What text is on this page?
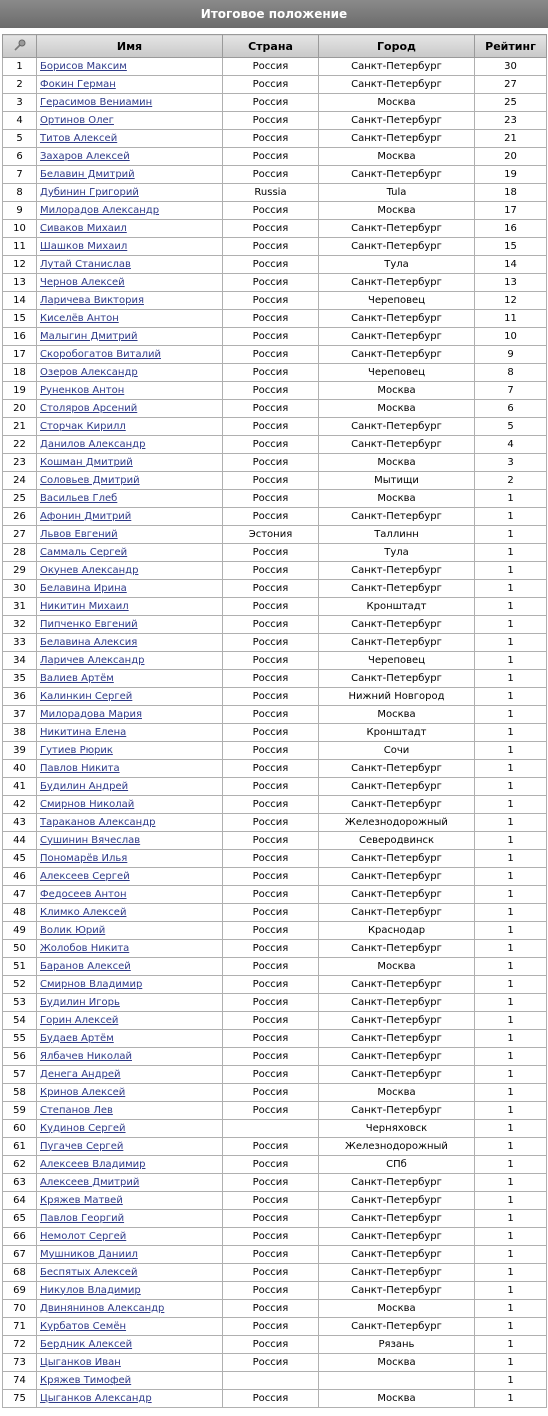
Итоговое положение
	Имя	Страна	Город	Рейтинг
1	Борисов Максим	Россия	Санкт-Петербург	30
2	Фокин Герман	Россия	Санкт-Петербург	27
3	Герасимов Вениамин	Россия	Москва	25
4	Ортинов Олег	Россия	Санкт-Петербург	23
5	Титов Алексей	Россия	Санкт-Петербург	21
6	Захаров Алексей	Россия	Москва	20
7	Белавин Дмитрий	Россия	Санкт-Петербург	19
8	Дубинин Григорий	Russia	Tula	18
9	Милорадов Александр	Россия	Москва	17
10	Сиваков Михаил	Россия	Санкт-Петербург	16
11	Шашков Михаил	Россия	Санкт-Петербург	15
12	Лутай Станислав	Россия	Тула	14
13	Чернов Алексей	Россия	Санкт-Петербург	13
14	Ларичева Виктория	Россия	Череповец	12
15	Киселёв Антон	Россия	Санкт-Петербург	11
16	Малыгин Дмитрий	Россия	Санкт-Петербург	10
17	Скоробогатов Виталий	Россия	Санкт-Петербург	9
18	Озеров Александр	Россия	Череповец	8
19	Руненков Антон	Россия	Москва	7
20	Столяров Арсений	Россия	Москва	6
21	Сторчак Кирилл	Россия	Санкт-Петербург	5
22	Данилов Александр	Россия	Санкт-Петербург	4
23	Кошман Дмитрий	Россия	Москва	3
24	Соловьев Дмитрий	Россия	Мытищи	2
25	Васильев Глеб	Россия	Москва	1
26	Афонин Дмитрий	Россия	Санкт-Петербург	1
27	Львов Евгений	Эстония	Таллинн	1
28	Саммаль Сергей	Россия	Тула	1
29	Окунев Александр	Россия	Санкт-Петербург	1
30	Белавина Ирина	Россия	Санкт-Петербург	1
31	Никитин Михаил	Россия	Кронштадт	1
32	Пипченко Евгений	Россия	Санкт-Петербург	1
33	Белавина Алексия	Россия	Санкт-Петербург	1
34	Ларичев Александр	Россия	Череповец	1
35	Валиев Артём	Россия	Санкт-Петербург	1
36	Калинкин Сергей	Россия	Нижний Новгород	1
37	Милорадова Мария	Россия	Москва	1
38	Никитина Елена	Россия	Кронштадт	1
39	Гутиев Рюрик	Россия	Сочи	1
40	Павлов Никита	Россия	Санкт-Петербург	1
41	Будилин Андрей	Россия	Санкт-Петербург	1
42	Смирнов Николай	Россия	Санкт-Петербург	1
43	Тараканов Александр	Россия	Железнодорожный	1
44	Сушинин Вячеслав	Россия	Северодвинск	1
45	Пономарёв Илья	Россия	Санкт-Петербург	1
46	Алексеев Сергей	Россия	Санкт-Петербург	1
47	Федосеев Антон	Россия	Санкт-Петербург	1
48	Климко Алексей	Россия	Санкт-Петербург	1
49	Волик Юрий	Россия	Краснодар	1
50	Жолобов Никита	Россия	Санкт-Петербург	1
51	Баранов Алексей	Россия	Москва	1
52	Смирнов Владимир	Россия	Санкт-Петербург	1
53	Будилин Игорь	Россия	Санкт-Петербург	1
54	Горин Алексей	Россия	Санкт-Петербург	1
55	Будаев Артём	Россия	Санкт-Петербург	1
56	Ялбачев Николай	Россия	Санкт-Петербург	1
57	Денега Андрей	Россия	Санкт-Петербург	1
58	Кринов Алексей	Россия	Москва	1
59	Степанов Лев	Россия	Санкт-Петербург	1
60	Кудинов Сергей		Черняховск	1
61	Пугачев Сергей	Россия	Железнодорожный	1
62	Алексеев Владимир	Россия	СПб	1
63	Алексеев Дмитрий	Россия	Санкт-Петербург	1
64	Кряжев Матвей	Россия	Санкт-Петербург	1
65	Павлов Георгий	Россия	Санкт-Петербург	1
66	Немолот Сергей	Россия	Санкт-Петербург	1
67	Мушников Даниил	Россия	Санкт-Петербург	1
68	Беспятых Алексей	Россия	Санкт-Петербург	1
69	Никулов Владимир	Россия	Санкт-Петербург	1
70	Двинянинов Александр	Россия	Москва	1
71	Курбатов Семён	Россия	Санкт-Петербург	1
72	Бердник Алексей	Россия	Рязань	1
73	Цыганков Иван	Россия	Москва	1
74	Кряжев Тимофей			1
75	Цыганков Александр	Россия	Москва	1
